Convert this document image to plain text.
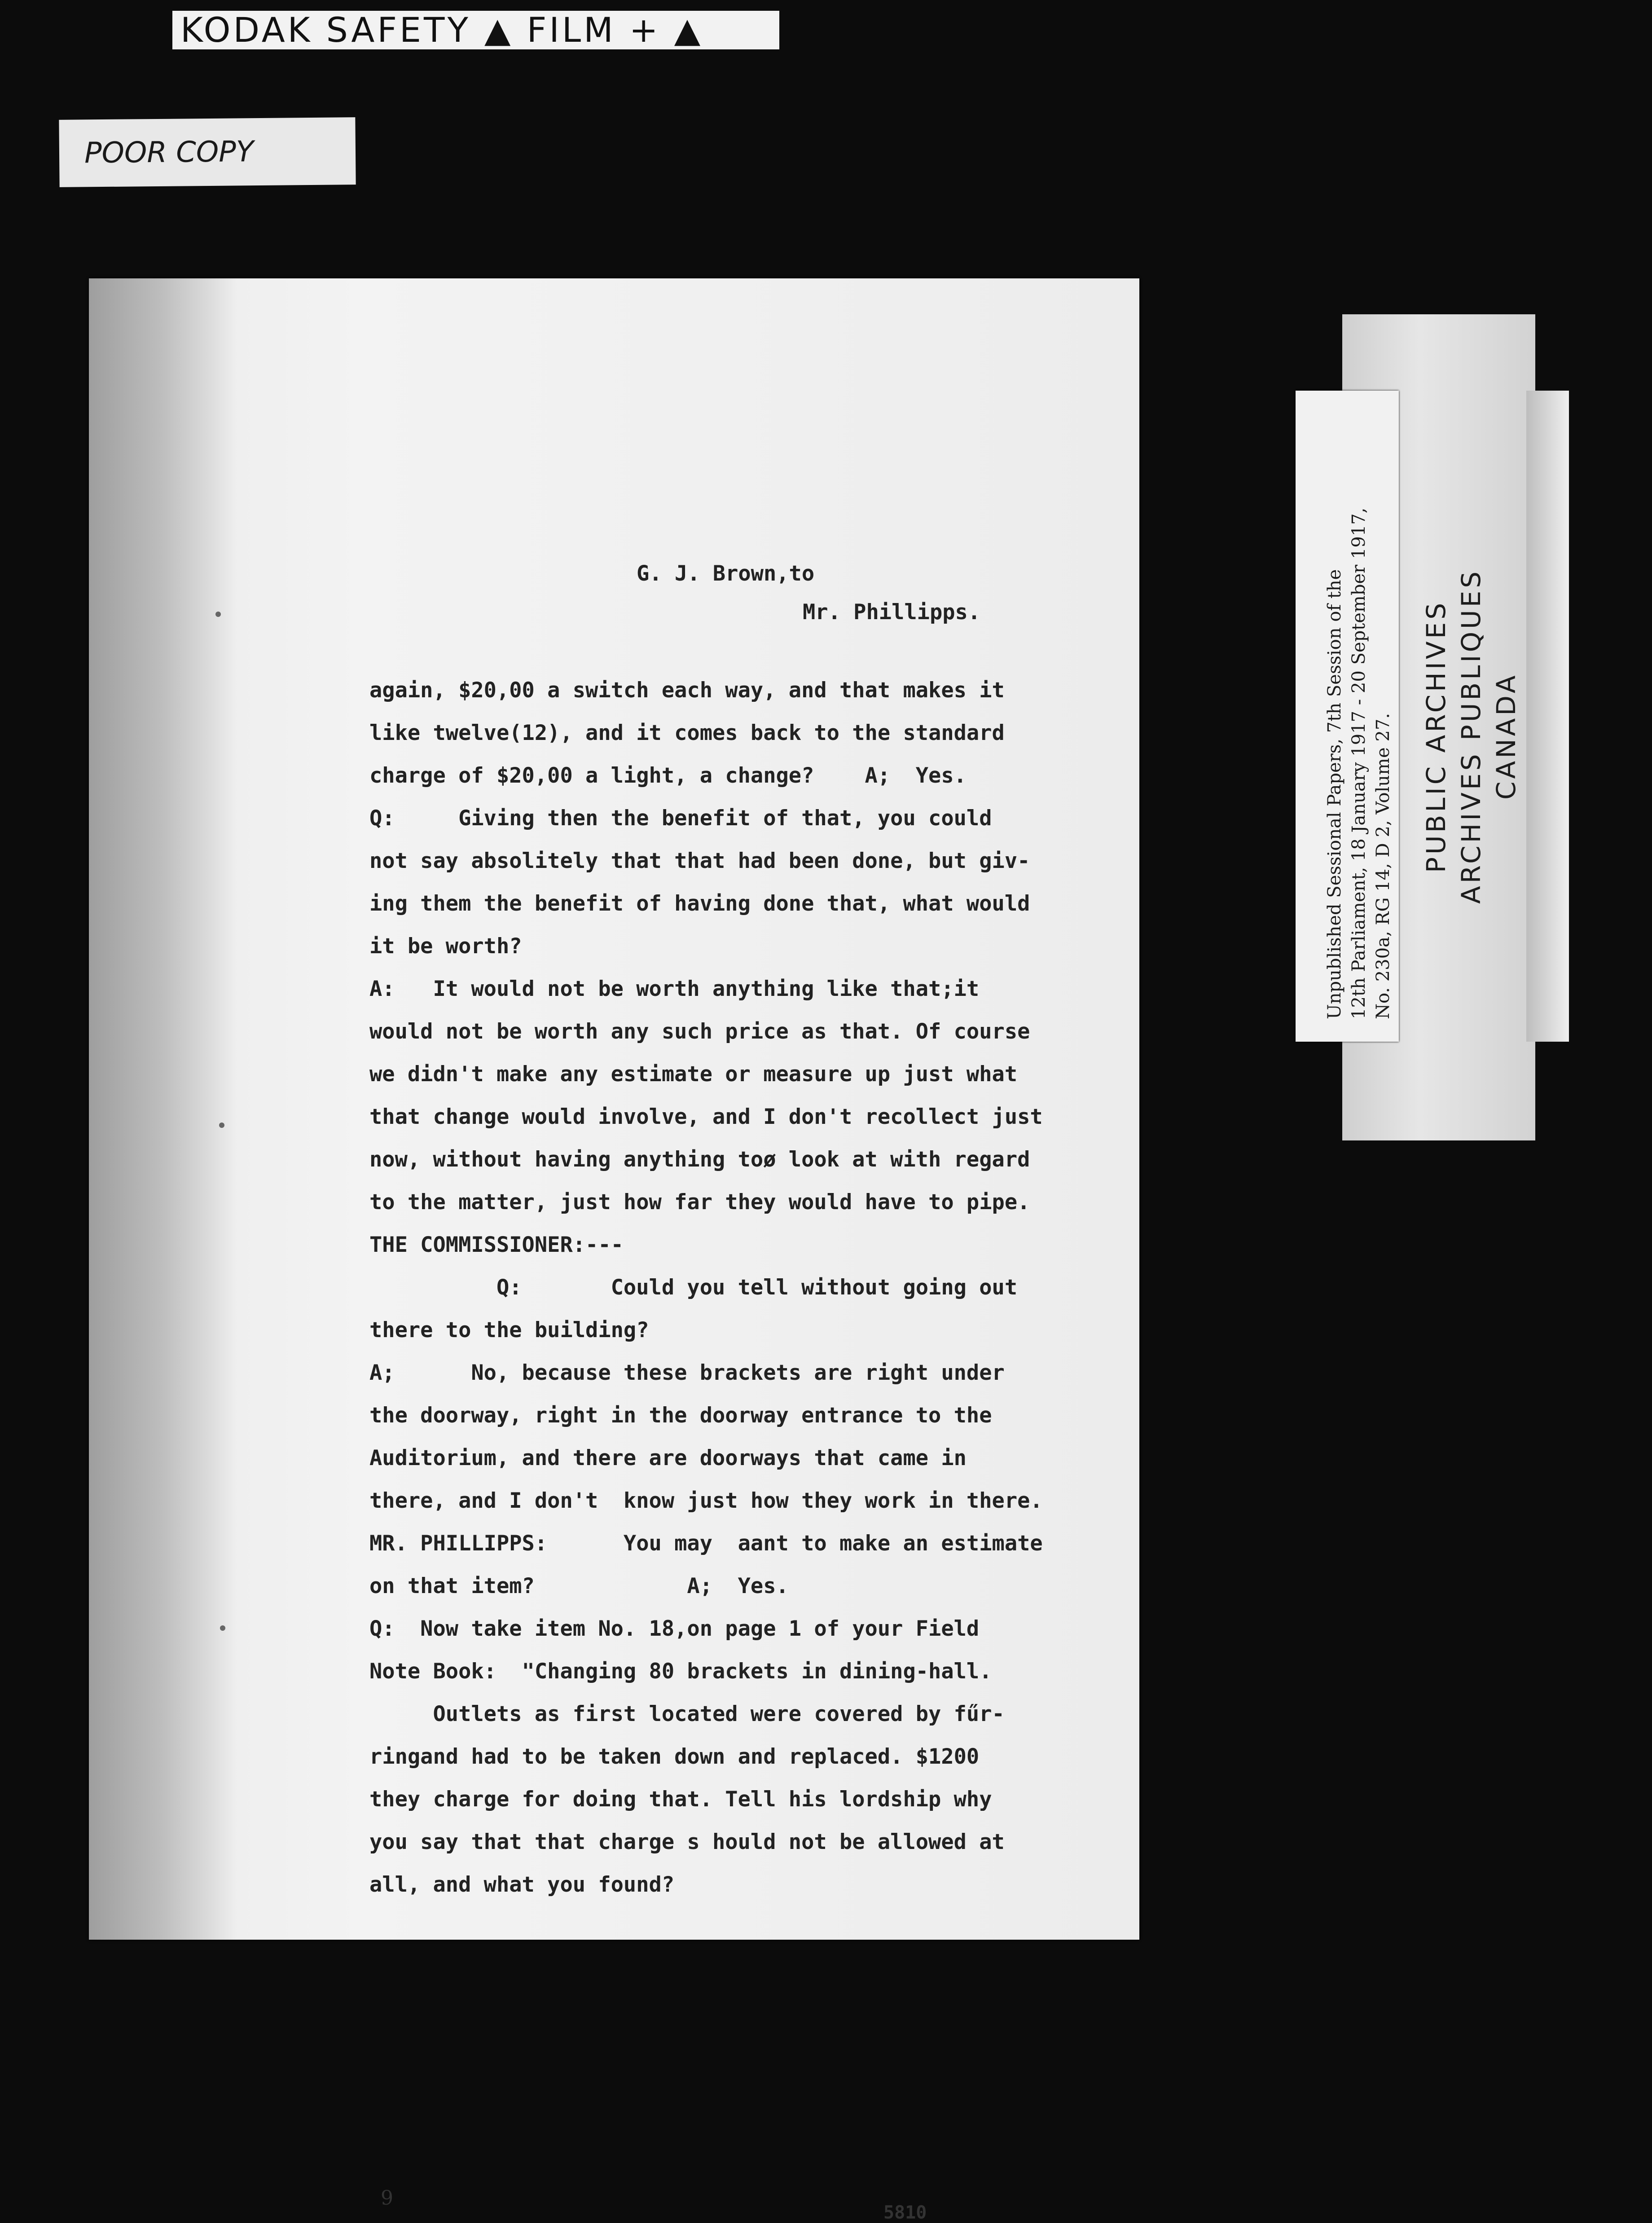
KODAK SAFETY ▲ FILM + ▲
POOR COPY
G. J. Brown,to
Mr. Phillipps.
again, $20,00 a switch each way, and that makes it
like twelve(12), and it comes back to the standard
charge of $20,00 a light, a change?    A;  Yes.
Q:     Giving then the benefit of that, you could
not say absolitely that that had been done, but giv-
ing them the benefit of having done that, what would
it be worth?
A:   It would not be worth anything like that;it
would not be worth any such price as that. Of course
we didn't make any estimate or measure up just what
that change would involve, and I don't recollect just
now, without having anything toø look at with regard
to the matter, just how far they would have to pipe.
THE COMMISSIONER:---
Q:       Could you tell without going out
there to the building?
A;      No, because these brackets are right under
the doorway, right in the doorway entrance to the
Auditorium, and there are doorways that came in
there, and I don't  know just how they work in there.
MR. PHILLIPPS:      You may  aant to make an estimate
on that item?            A;  Yes.
Q:  Now take item No. 18,on page 1 of your Field
Note Book:  "Changing 80 brackets in dining-hall.
Outlets as first located were covered by fűr-
ringand had to be taken down and replaced. $1200
they charge for doing that. Tell his lordship why
you say that that charge s hould not be allowed at
all, and what you found?
9
5810
Unpublished Sessional Papers, 7th Session of the
12th Parliament, 18 January 1917 - 20 September 1917,
No. 230a, RG 14, D 2, Volume 27.
PUBLIC ARCHIVES
ARCHIVES PUBLIQUES
CANADA
